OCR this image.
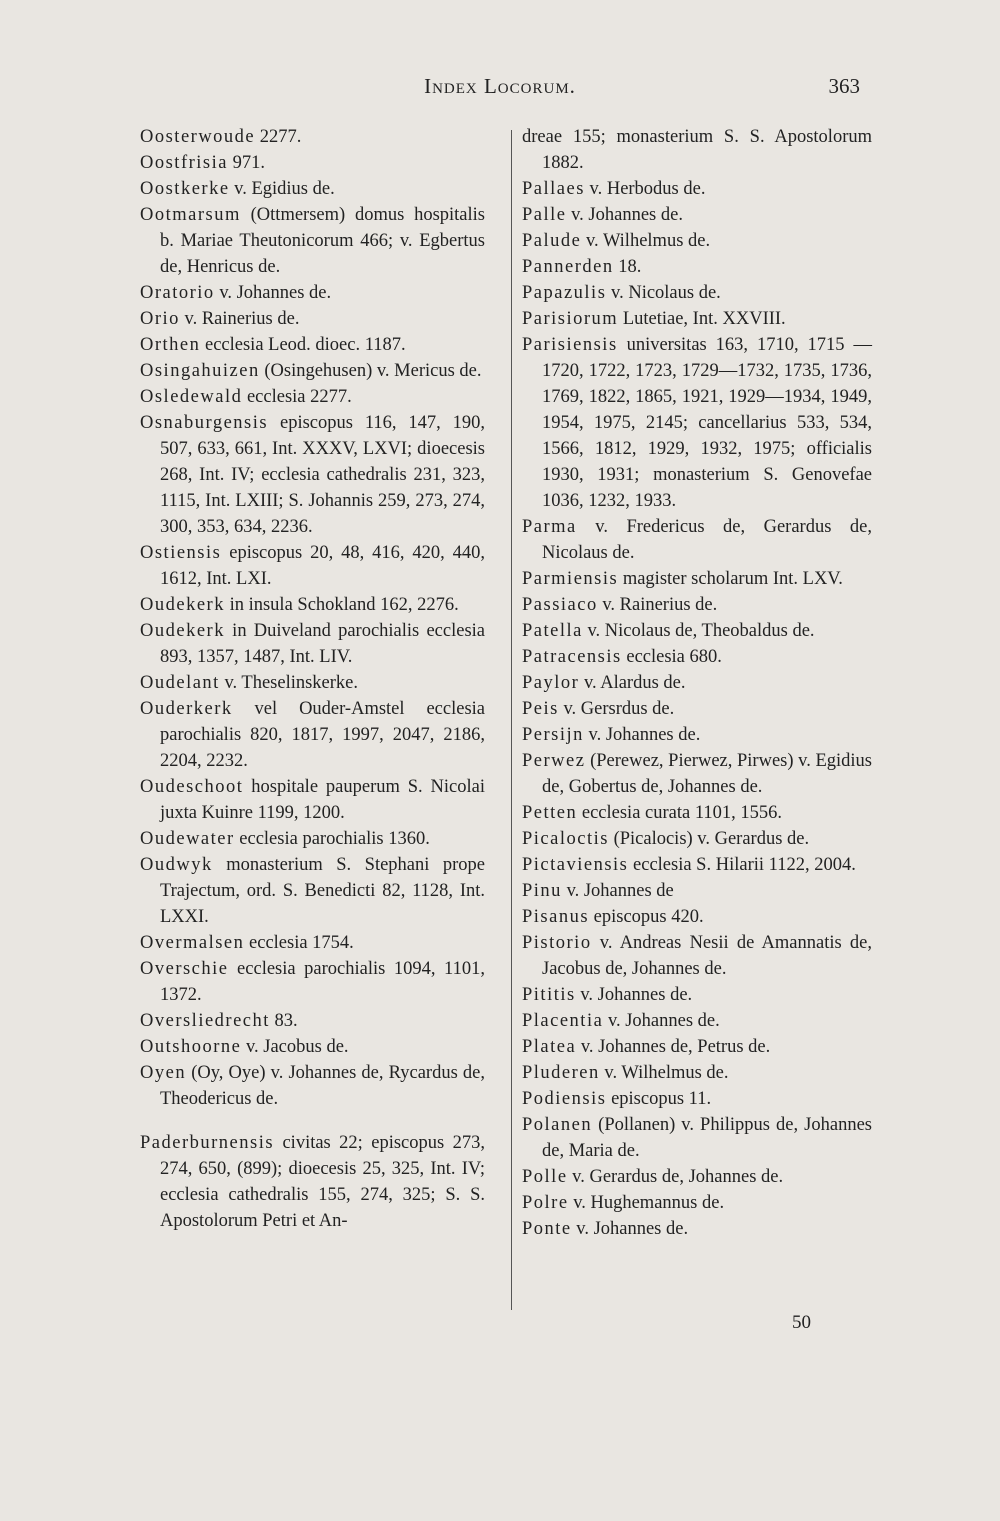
Index Locorum.	363
Oosterwoude 2277.
Oostfrisia 971.
Oostkerke v. Egidius de.
Ootmarsum (Ottmersem) domus hospitalis b. Mariae Theutonicorum 466; v. Egbertus de, Henricus de.
Oratorio v. Johannes de.
Orio v. Rainerius de.
Orthen ecclesia Leod. dioec. 1187.
Osingahuizen (Osingehusen) v. Mericus de.
Osledewald ecclesia 2277.
Osnaburgensis episcopus 116, 147, 190, 507, 633, 661, Int. XXXV, LXVI; dioecesis 268, Int. IV; ecclesia cathedralis 231, 323, 1115, Int. LXIII; S. Johannis 259, 273, 274, 300, 353, 634, 2236.
Ostiensis episcopus 20, 48, 416, 420, 440, 1612, Int. LXI.
Oudekerk in insula Schokland 162, 2276.
Oudekerk in Duiveland parochialis ecclesia 893, 1357, 1487, Int. LIV.
Oudelant v. Theselinskerke.
Ouderkerk vel Ouder-Amstel ecclesia parochialis 820, 1817, 1997, 2047, 2186, 2204, 2232.
Oudeschoot hospitale pauperum S. Nicolai juxta Kuinre 1199, 1200.
Oudewater ecclesia parochialis 1360.
Oudwyk monasterium S. Stephani prope Trajectum, ord. S. Benedicti 82, 1128, Int. LXXI.
Overmalsen ecclesia 1754.
Overschie ecclesia parochialis 1094, 1101, 1372.
Oversliedrecht 83.
Outshoorne v. Jacobus de.
Oyen (Oy, Oye) v. Johannes de, Rycardus de, Theodericus de.
Paderburnensis civitas 22; episcopus 273, 274, 650, (899); dioecesis 25, 325, Int. IV; ecclesia cathedralis 155, 274, 325; S. S. Apostolorum Petri et An-
dreae 155; monasterium S. S. Apostolorum 1882.
Pallaes v. Herbodus de.
Palle v. Johannes de.
Palude v. Wilhelmus de.
Pannerden 18.
Papazulis v. Nicolaus de.
Parisiorum Lutetiae, Int. XXVIII.
Parisiensis universitas 163, 1710, 1715 —1720, 1722, 1723, 1729—1732, 1735, 1736, 1769, 1822, 1865, 1921, 1929—1934, 1949, 1954, 1975, 2145; cancellarius 533, 534, 1566, 1812, 1929, 1932, 1975; officialis 1930, 1931; monasterium S. Genovefae 1036, 1232, 1933.
Parma v. Fredericus de, Gerardus de, Nicolaus de.
Parmiensis magister scholarum Int. LXV.
Passiaco v. Rainerius de.
Patella v. Nicolaus de, Theobaldus de.
Patracensis ecclesia 680.
Paylor v. Alardus de.
Peis v. Gersrdus de.
Persijn v. Johannes de.
Perwez (Perewez, Pierwez, Pirwes) v. Egidius de, Gobertus de, Johannes de.
Petten ecclesia curata 1101, 1556.
Picaloctis (Picalocis) v. Gerardus de.
Pictaviensis ecclesia S. Hilarii 1122, 2004.
Pinu v. Johannes de
Pisanus episcopus 420.
Pistorio v. Andreas Nesii de Amannatis de, Jacobus de, Johannes de.
Pititis v. Johannes de.
Placentia v. Johannes de.
Platea v. Johannes de, Petrus de.
Pluderen v. Wilhelmus de.
Podiensis episcopus 11.
Polanen (Pollanen) v. Philippus de, Johannes de, Maria de.
Polle v. Gerardus de, Johannes de.
Polre v. Hughemannus de.
Ponte v. Johannes de.
50
